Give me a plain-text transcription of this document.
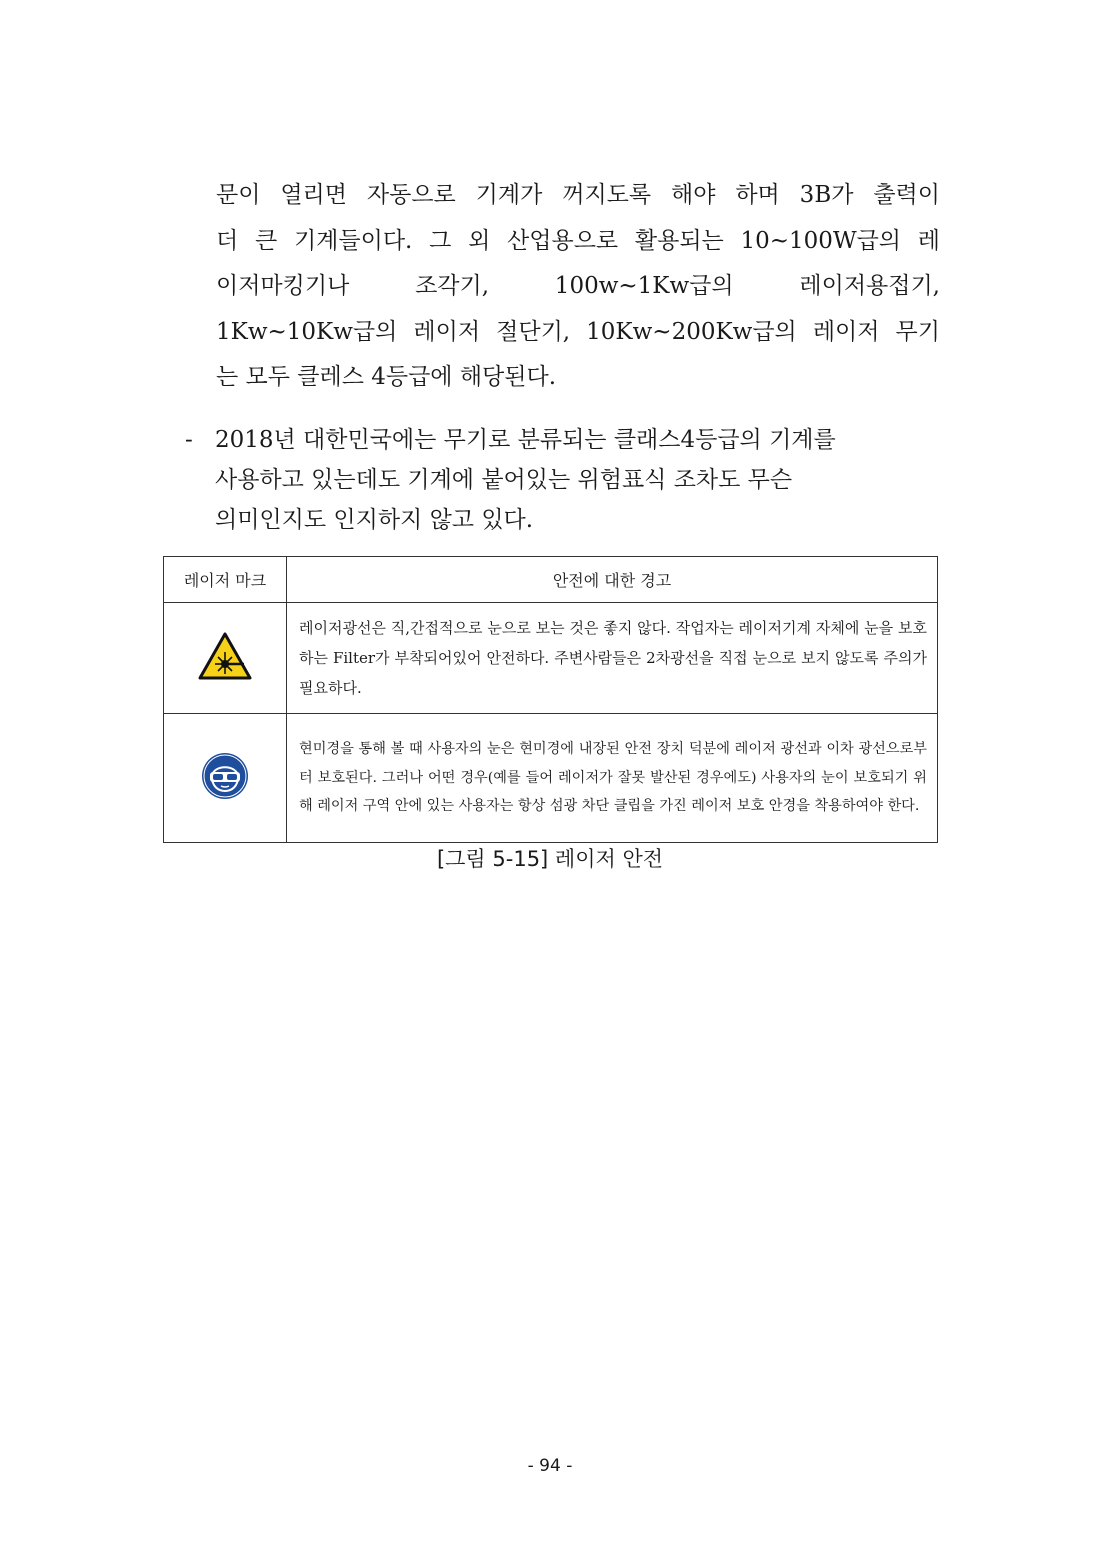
문이 열리면 자동으로 기계가 꺼지도록 해야 하며 3B가 출력이
더 큰 기계들이다. 그 외 산업용으로 활용되는 10~100W급의 레
이저마킹기나 조각기, 100w~1Kw급의 레이저용접기,
1Kw~10Kw급의 레이저 절단기, 10Kw~200Kw급의 레이저 무기
는 모두 클레스 4등급에 해당된다.
- 2018년 대한민국에는 무기로 분류되는 클래스4등급의 기계를
사용하고 있는데도 기계에 붙어있는 위험표식 조차도 무슨
의미인지도 인지하지 않고 있다.
레이저 마크	안전에 대한 경고
	레이저광선은 직,간접적으로 눈으로 보는 것은 좋지 않다. 작업자는 레이저기계 자체에 눈을 보호하는 Filter가 부착되어있어 안전하다. 주변사람들은 2차광선을 직접 눈으로 보지 않도록 주의가 필요하다.
	현미경을 통해 볼 때 사용자의 눈은 현미경에 내장된 안전 장치 덕분에 레이저 광선과 이차 광선으로부터 보호된다. 그러나 어떤 경우(예를 들어 레이저가 잘못 발산된 경우에도) 사용자의 눈이 보호되기 위해 레이저 구역 안에 있는 사용자는 항상 섬광 차단 클립을 가진 레이저 보호 안경을 착용하여야 한다.
[그림 5-15] 레이저 안전
- 94 -
